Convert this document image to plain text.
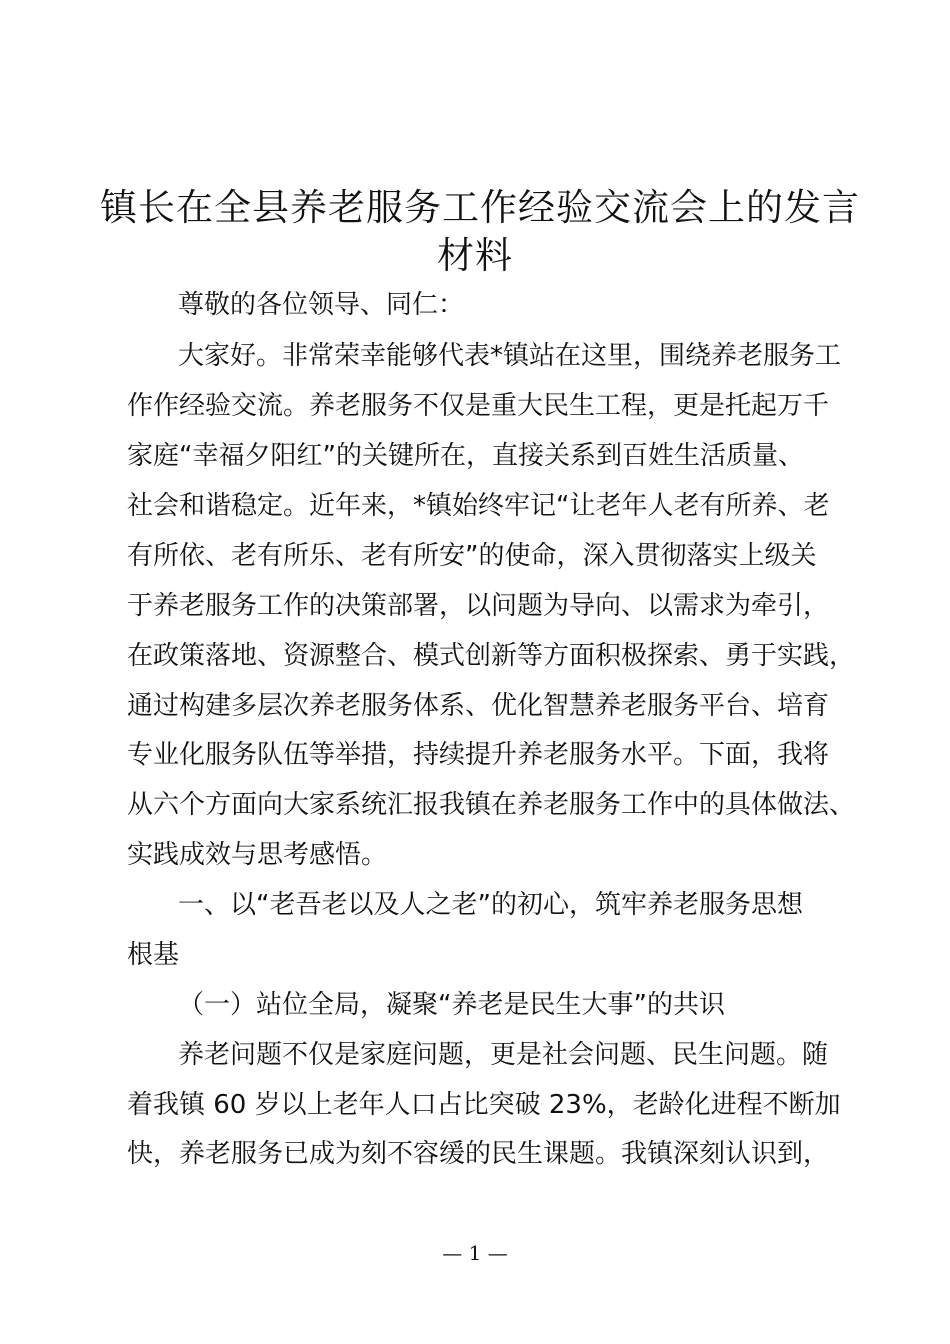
镇长在全县养老服务工作经验交流会上的发言
材料
尊敬的各位领导、同仁：
大家好。非常荣幸能够代表*镇站在这里，围绕养老服务工
作作经验交流。养老服务不仅是重大民生工程，更是托起万千
家庭“幸福夕阳红”的关键所在，直接关系到百姓生活质量、
社会和谐稳定。近年来，*镇始终牢记“让老年人老有所养、老
有所依、老有所乐、老有所安”的使命，深入贯彻落实上级关
于养老服务工作的决策部署，以问题为导向、以需求为牵引，
在政策落地、资源整合、模式创新等方面积极探索、勇于实践，
通过构建多层次养老服务体系、优化智慧养老服务平台、培育
专业化服务队伍等举措，持续提升养老服务水平。下面，我将
从六个方面向大家系统汇报我镇在养老服务工作中的具体做法、
实践成效与思考感悟。
一、以“老吾老以及人之老”的初心，筑牢养老服务思想
根基
（一）站位全局，凝聚“养老是民生大事”的共识
养老问题不仅是家庭问题，更是社会问题、民生问题。随
着我镇 60 岁以上老年人口占比突破 23%，老龄化进程不断加
快，养老服务已成为刻不容缓的民生课题。我镇深刻认识到，
— 1 —
